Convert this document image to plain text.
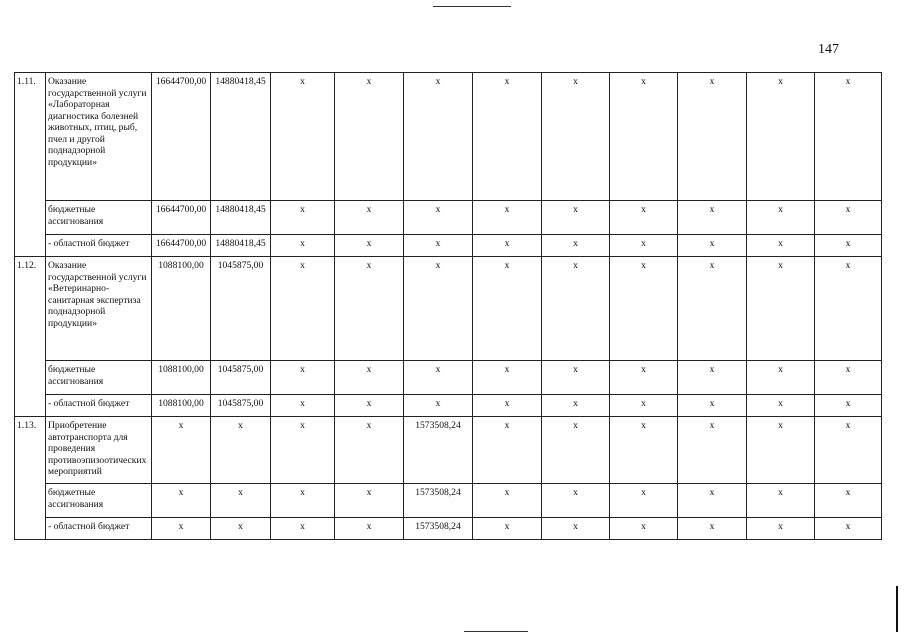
147
1.11.	Оказание государственной услуги «Лабораторная диагностика болезней животных, птиц, рыб, пчел и другой поднадзорной продукции»	16644700,00	14880418,45	х	х	х	х	х	х	х	х	х
	бюджетные ассигнования	16644700,00	14880418,45	х	х	х	х	х	х	х	х	х
	- областной бюджет	16644700,00	14880418,45	х	х	х	х	х	х	х	х	х
1.12.	Оказание государственной услуги «Ветеринарно-санитарная экспертиза поднадзорной продукции»	1088100,00	1045875,00	х	х	х	х	х	х	х	х	х
	бюджетные ассигнования	1088100,00	1045875,00	х	х	х	х	х	х	х	х	х
	- областной бюджет	1088100,00	1045875,00	х	х	х	х	х	х	х	х	х
1.13.	Приобретение автотранспорта для проведения противоэпизоотических мероприятий	х	х	х	х	1573508,24	х	х	х	х	х	х
	бюджетные ассигнования	х	х	х	х	1573508,24	х	х	х	х	х	х
	- областной бюджет	х	х	х	х	1573508,24	х	х	х	х	х	х
